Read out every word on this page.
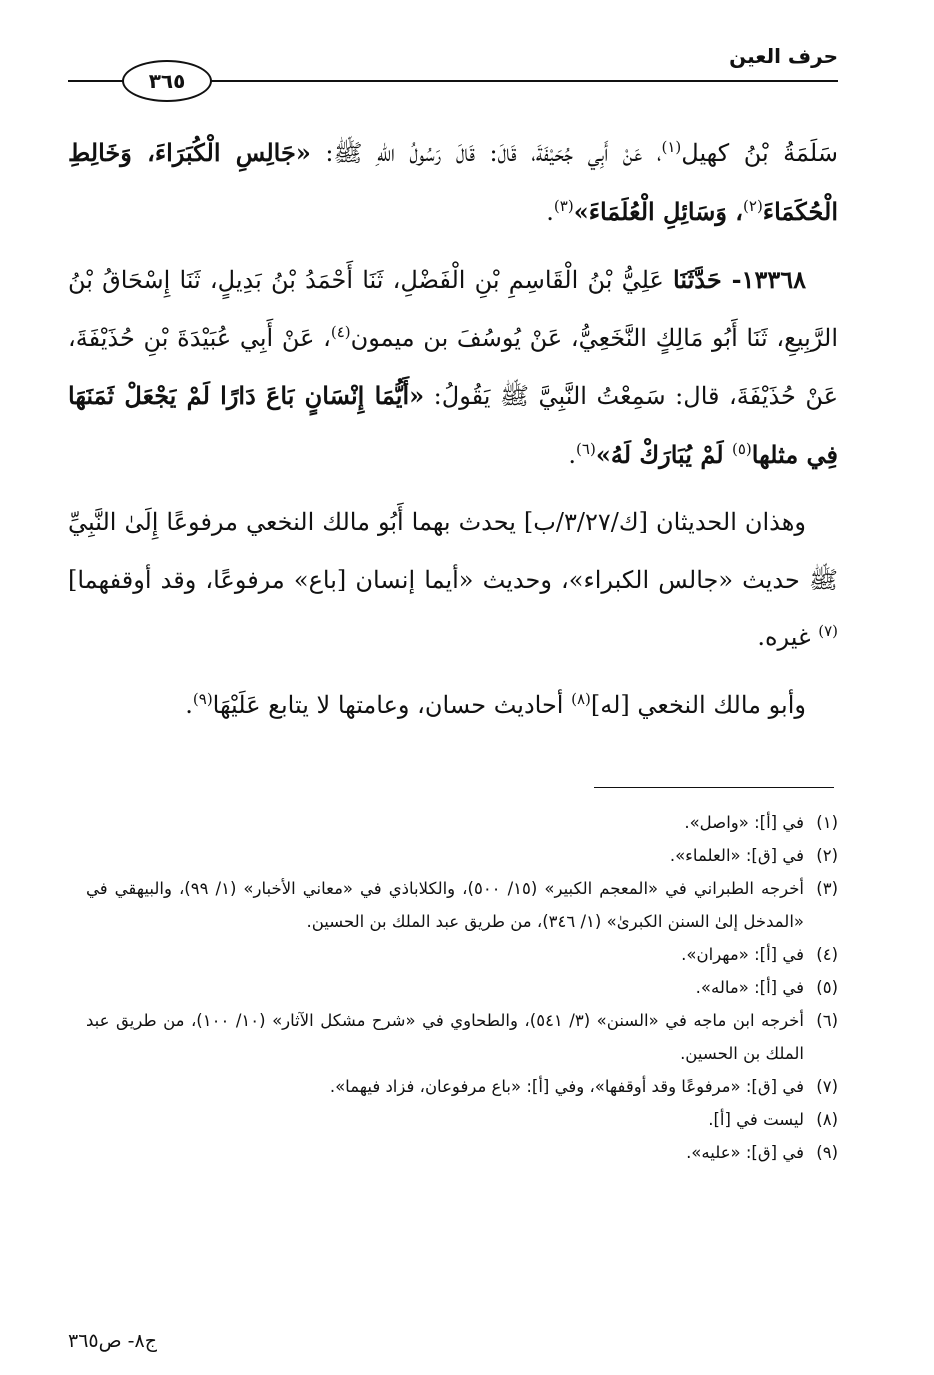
حرف العين
٣٦٥

سَلَمَةُ بْنُ كهيل$^{(١)}$، عَنْ أَبِي جُحَيْفَةَ، قَالَ: قَالَ رَسُولُ اللهِ ﷺ: «جَالِسِ الْكُبَرَاءَ، وَخَالِطِ الْحُكَمَاءَ$^{(٢)}$، وَسَائِلِ الْعُلَمَاءَ»$^{(٣)}$.

١٣٣٦٨- حَدَّثَنَا عَلِيُّ بْنُ الْقَاسِمِ بْنِ الْفَضْلِ، ثَنَا أَحْمَدُ بْنُ بَدِيلٍ، ثَنَا إِسْحَاقُ بْنُ الرَّبِيعِ، ثَنَا أَبُو مَالِكٍ النَّخَعِيُّ، عَنْ يُوسُفَ بن ميمون$^{(٤)}$، عَنْ أَبِي عُبَيْدَةَ بْنِ حُذَيْفَةَ، عَنْ حُذَيْفَةَ، قال: سَمِعْتُ النَّبِيَّ ﷺ يَقُولُ: «أَيُّمَا إِنْسَانٍ بَاعَ دَارًا لَمْ يَجْعَلْ ثَمَنَهَا فِي مثلها$^{(٥)}$ لَمْ يُبَارَكْ لَهُ»$^{(٦)}$.

وهذان الحديثان [ك/٣/٢٧/ب] يحدث بهما أَبُو مالك النخعي مرفوعًا إِلَىٰ النَّبِيِّ ﷺ حديث «جالس الكبراء»، وحديث «أيما إنسان [باع» مرفوعًا، وقد أوقفهما]$^{(٧)}$ غيره.

وأبو مالك النخعي [له]$^{(٨)}$ أحاديث حسان، وعامتها لا يتابع عَلَيْهَا$^{(٩)}$.

(١)
في [أ]: «واصل».
(٢)
في [ق]: «العلماء».
(٣)
أخرجه الطبراني في «المعجم الكبير» (١٥/ ٥٠٠)، والكلاباذي في «معاني الأخبار» (١/ ٩٩)، والبيهقي في «المدخل إلىٰ السنن الكبرىٰ» (١/ ٣٤٦)، من طريق عبد الملك بن الحسين.
(٤)
في [أ]: «مهران».
(٥)
في [أ]: «ماله».
(٦)
أخرجه ابن ماجه في «السنن» (٣/ ٥٤١)، والطحاوي في «شرح مشكل الآثار» (١٠/ ١٠٠)، من طريق عبد الملك بن الحسين.
(٧)
في [ق]: «مرفوعًا وقد أوقفها»، وفي [أ]: «باع مرفوعان، فزاد فيهما».
(٨)
ليست في [أ].
(٩)
في [ق]: «عليه».
ج٨- ص٣٦٥
